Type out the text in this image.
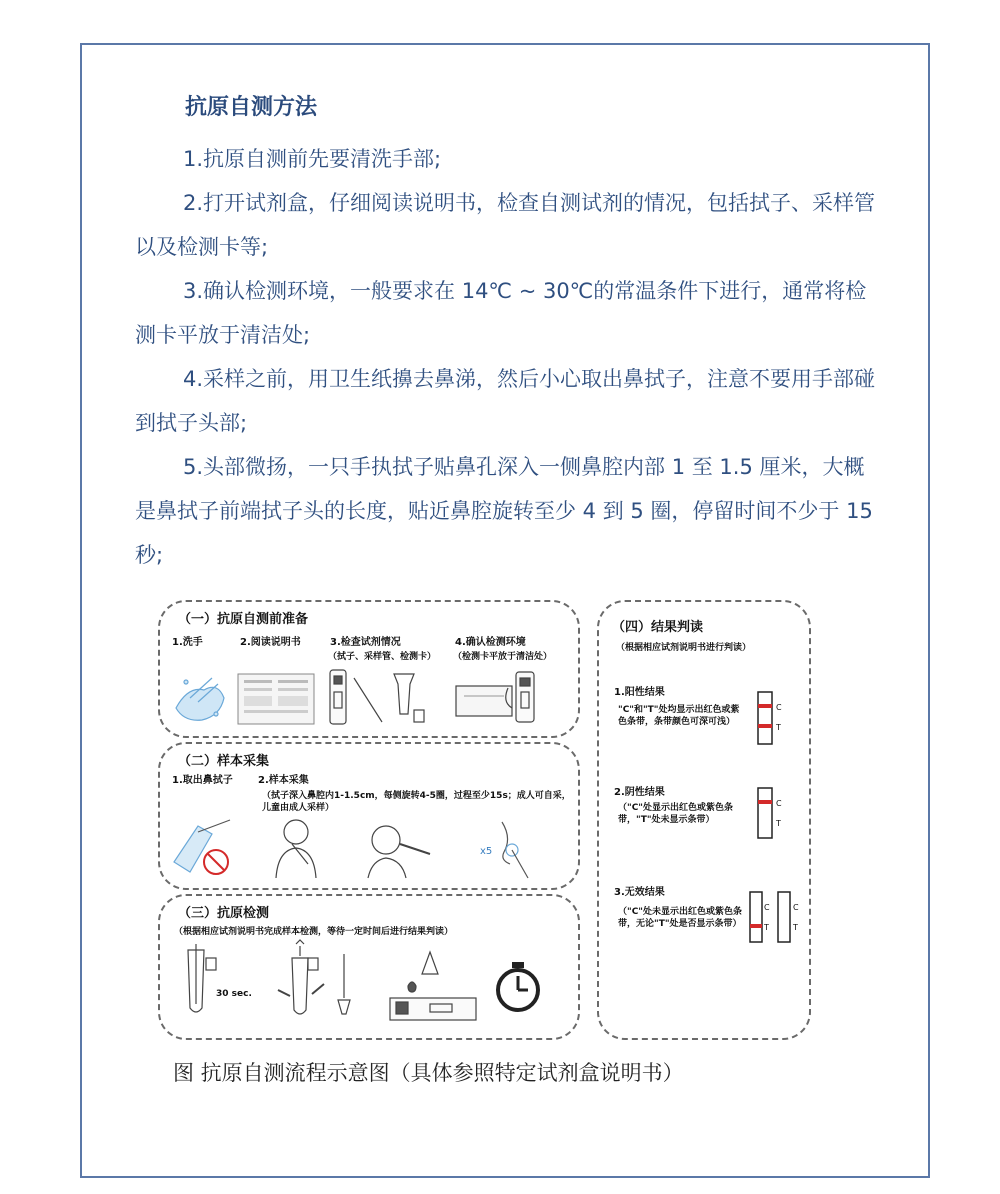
抗原自测方法
1.抗原自测前先要清洗手部;
2.打开试剂盒，仔细阅读说明书，检查自测试剂的情况，包括拭子、采样管以及检测卡等;
3.确认检测环境，一般要求在 14℃ ~ 30℃的常温条件下进行，通常将检测卡平放于清洁处;
4.采样之前，用卫生纸擤去鼻涕，然后小心取出鼻拭子，注意不要用手部碰到拭子头部;
5.头部微扬，一只手执拭子贴鼻孔深入一侧鼻腔内部 1 至 1.5 厘米，大概是鼻拭子前端拭子头的长度，贴近鼻腔旋转至少 4 到 5 圈，停留时间不少于 15 秒;
（一）抗原自测前准备
1.洗手	2.阅读说明书	3.检查试剂情况
（拭子、采样管、检测卡）
4.确认检测环境
（检测卡平放于清洁处）
（二）样本采集
1.取出鼻拭子	2.样本采集
（拭子深入鼻腔内1-1.5cm，每侧旋转4-5圈，过程至少15s；成人可自采，儿童由成人采样）
x5
（三）抗原检测
（根据相应试剂说明书完成样本检测，等待一定时间后进行结果判读）
30 sec.
（四）结果判读
（根据相应试剂说明书进行判读）
1.阳性结果
"C"和"T"处均显示出红色或紫色条带，条带颜色可深可浅）
2.阴性结果
（"C"处显示出红色或紫色条带，"T"处未显示条带）
3.无效结果
（"C"处未显示出红色或紫色条带，无论"T"处是否显示条带）
C
T
C
T
C
T
C
T
图 抗原自测流程示意图（具体参照特定试剂盒说明书）
